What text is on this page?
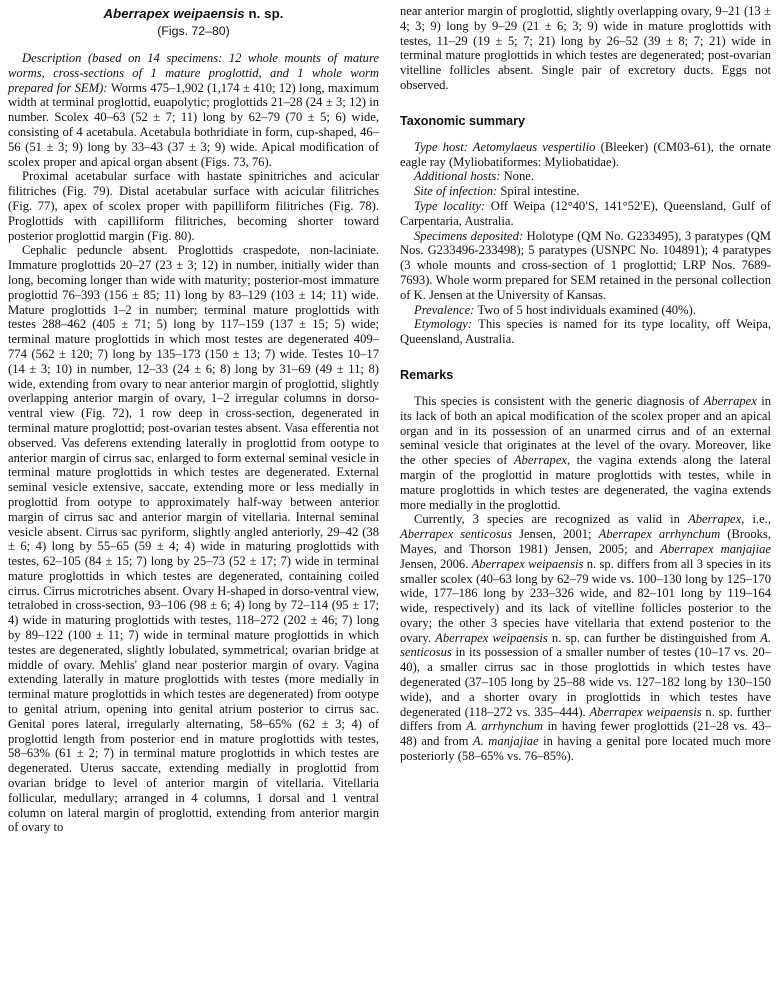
Aberrapex weipaensis n. sp.
(Figs. 72–80)

Description (based on 14 specimens: 12 whole mounts of mature worms, cross-sections of 1 mature proglottid, and 1 whole worm prepared for SEM): Worms 475–1,902 (1,174 ± 410; 12) long, maximum width at terminal proglottid, euapolytic; proglottids 21–28 (24 ± 3; 12) in number. Scolex 40–63 (52 ± 7; 11) long by 62–79 (70 ± 5; 6) wide, consisting of 4 acetabula. Acetabula bothridiate in form, cup-shaped, 46–56 (51 ± 3; 9) long by 33–43 (37 ± 3; 9) wide. Apical modification of scolex proper and apical organ absent (Figs. 73, 76).

Proximal acetabular surface with hastate spinitriches and acicular filitriches (Fig. 79). Distal acetabular surface with acicular filitriches (Fig. 77), apex of scolex proper with papilliform filitriches (Fig. 78). Proglottids with capilliform filitriches, becoming shorter toward posterior proglottid margin (Fig. 80).

Cephalic peduncle absent. Proglottids craspedote, non-laciniate. Immature proglottids 20–27 (23 ± 3; 12) in number, initially wider than long, becoming longer than wide with maturity; posterior-most immature proglottid 76–393 (156 ± 85; 11) long by 83–129 (103 ± 14; 11) wide. Mature proglottids 1–2 in number; terminal mature proglottids with testes 288–462 (405 ± 71; 5) long by 117–159 (137 ± 15; 5) wide; terminal mature proglottids in which most testes are degenerated 409–774 (562 ± 120; 7) long by 135–173 (150 ± 13; 7) wide. Testes 10–17 (14 ± 3; 10) in number, 12–33 (24 ± 6; 8) long by 31–69 (49 ± 11; 8) wide, extending from ovary to near anterior margin of proglottid, slightly overlapping anterior margin of ovary, 1–2 irregular columns in dorso-ventral view (Fig. 72), 1 row deep in cross-section, degenerated in terminal mature proglottid; post-ovarian testes absent. Vasa efferentia not observed. Vas deferens extending laterally in proglottid from ootype to anterior margin of cirrus sac, enlarged to form external seminal vesicle in terminal mature proglottids in which testes are degenerated. External seminal vesicle extensive, saccate, extending more or less medially in proglottid from ootype to approximately half-way between anterior margin of cirrus sac and anterior margin of vitellaria. Internal seminal vesicle absent. Cirrus sac pyriform, slightly angled anteriorly, 29–42 (38 ± 6; 4) long by 55–65 (59 ± 4; 4) wide in maturing proglottids with testes, 62–105 (84 ± 15; 7) long by 25–73 (52 ± 17; 7) wide in terminal mature proglottids in which testes are degenerated, containing coiled cirrus. Cirrus microtriches absent. Ovary H-shaped in dorso-ventral view, tetralobed in cross-section, 93–106 (98 ± 6; 4) long by 72–114 (95 ± 17; 4) wide in maturing proglottids with testes, 118–272 (202 ± 46; 7) long by 89–122 (100 ± 11; 7) wide in terminal mature proglottids in which testes are degenerated, slightly lobulated, symmetrical; ovarian bridge at middle of ovary. Mehlis' gland near posterior margin of ovary. Vagina extending laterally in mature proglottids with testes (more medially in terminal mature proglottids in which testes are degenerated) from ootype to genital atrium, opening into genital atrium posterior to cirrus sac. Genital pores lateral, irregularly alternating, 58–65% (62 ± 3; 4) of proglottid length from posterior end in mature proglottids with testes, 58–63% (61 ± 2; 7) in terminal mature proglottids in which testes are degenerated. Uterus saccate, extending medially in proglottid from ovarian bridge to level of anterior margin of vitellaria. Vitellaria follicular, medullary; arranged in 4 columns, 1 dorsal and 1 ventral column on lateral margin of proglottid, extending from anterior margin of ovary to

near anterior margin of proglottid, slightly overlapping ovary, 9–21 (13 ± 4; 3; 9) long by 9–29 (21 ± 6; 3; 9) wide in mature proglottids with testes, 11–29 (19 ± 5; 7; 21) long by 26–52 (39 ± 8; 7; 21) wide in terminal mature proglottids in which testes are degenerated; post-ovarian vitelline follicles absent. Single pair of excretory ducts. Eggs not observed.

Taxonomic summary

Type host: Aetomylaeus vespertilio (Bleeker) (CM03-61), the ornate eagle ray (Myliobatiformes: Myliobatidae).

Additional hosts: None.

Site of infection: Spiral intestine.

Type locality: Off Weipa (12°40′S, 141°52′E), Queensland, Gulf of Carpentaria, Australia.

Specimens deposited: Holotype (QM No. G233495), 3 paratypes (QM Nos. G233496-233498); 5 paratypes (USNPC No. 104891); 4 paratypes (3 whole mounts and cross-section of 1 proglottid; LRP Nos. 7689-7693). Whole worm prepared for SEM retained in the personal collection of K. Jensen at the University of Kansas.

Prevalence: Two of 5 host individuals examined (40%).

Etymology: This species is named for its type locality, off Weipa, Queensland, Australia.

Remarks

This species is consistent with the generic diagnosis of Aberrapex in its lack of both an apical modification of the scolex proper and an apical organ and in its possession of an unarmed cirrus and of an external seminal vesicle that originates at the level of the ovary. Moreover, like the other species of Aberrapex, the vagina extends along the lateral margin of the proglottid in mature proglottids with testes, while in mature proglottids in which testes are degenerated, the vagina extends more medially in the proglottid.

Currently, 3 species are recognized as valid in Aberrapex, i.e., Aberrapex senticosus Jensen, 2001; Aberrapex arrhynchum (Brooks, Mayes, and Thorson 1981) Jensen, 2005; and Aberrapex manjajiae Jensen, 2006. Aberrapex weipaensis n. sp. differs from all 3 species in its smaller scolex (40–63 long by 62–79 wide vs. 100–130 long by 125–170 wide, 177–186 long by 233–326 wide, and 82–101 long by 119–164 wide, respectively) and its lack of vitelline follicles posterior to the ovary; the other 3 species have vitellaria that extend posterior to the ovary. Aberrapex weipaensis n. sp. can further be distinguished from A. senticosus in its possession of a smaller number of testes (10–17 vs. 20–40), a smaller cirrus sac in those proglottids in which testes have degenerated (37–105 long by 25–88 wide vs. 127–182 long by 130–150 wide), and a shorter ovary in proglottids in which testes have degenerated (118–272 vs. 335–444). Aberrapex weipaensis n. sp. further differs from A. arrhynchum in having fewer proglottids (21–28 vs. 43–48) and from A. manjajiae in having a genital pore located much more posteriorly (58–65% vs. 76–85%).
